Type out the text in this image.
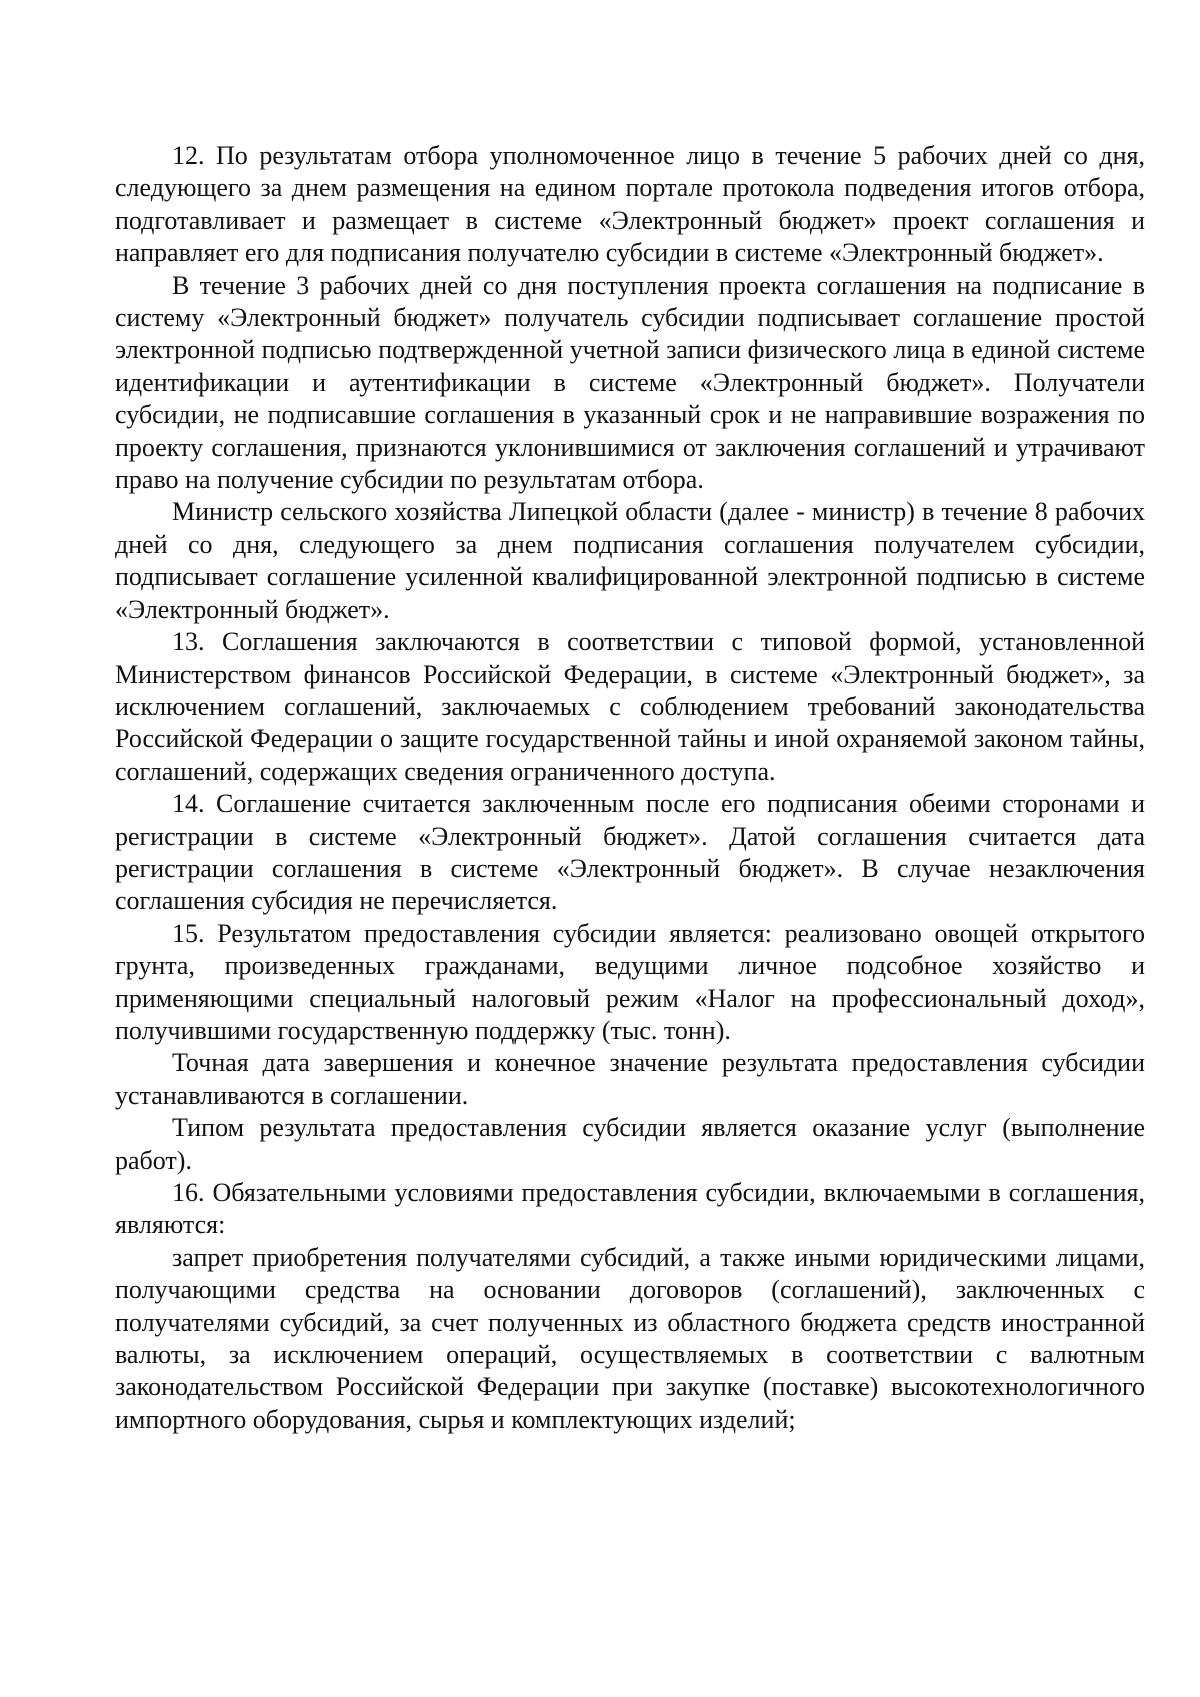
12. По результатам отбора уполномоченное лицо в течение 5 рабочих дней со дня, следующего за днем размещения на едином портале протокола подведения итогов отбора, подготавливает и размещает в системе «Электронный бюджет» проект соглашения и направляет его для подписания получателю субсидии в системе «Электронный бюджет».

В течение 3 рабочих дней со дня поступления проекта соглашения на подписание в систему «Электронный бюджет» получатель субсидии подписывает соглашение простой электронной подписью подтвержденной учетной записи физического лица в единой системе идентификации и аутентификации в системе «Электронный бюджет». Получатели субсидии, не подписавшие соглашения в указанный срок и не направившие возражения по проекту соглашения, признаются уклонившимися от заключения соглашений и утрачивают право на получение субсидии по результатам отбора.

Министр сельского хозяйства Липецкой области (далее - министр) в течение 8 рабочих дней со дня, следующего за днем подписания соглашения получателем субсидии, подписывает соглашение усиленной квалифицированной электронной подписью в системе «Электронный бюджет».

13. Соглашения заключаются в соответствии с типовой формой, установленной Министерством финансов Российской Федерации, в системе «Электронный бюджет», за исключением соглашений, заключаемых с соблюдением требований законодательства Российской Федерации о защите государственной тайны и иной охраняемой законом тайны, соглашений, содержащих сведения ограниченного доступа.

14. Соглашение считается заключенным после его подписания обеими сторонами и регистрации в системе «Электронный бюджет». Датой соглашения считается дата регистрации соглашения в системе «Электронный бюджет». В случае незаключения соглашения субсидия не перечисляется.

15. Результатом предоставления субсидии является: реализовано овощей открытого грунта, произведенных гражданами, ведущими личное подсобное хозяйство и применяющими специальный налоговый режим «Налог на профессиональный доход», получившими государственную поддержку (тыс. тонн).

Точная дата завершения и конечное значение результата предоставления субсидии устанавливаются в соглашении.

Типом результата предоставления субсидии является оказание услуг (выполнение работ).

16. Обязательными условиями предоставления субсидии, включаемыми в соглашения, являются:

запрет приобретения получателями субсидий, а также иными юридическими лицами, получающими средства на основании договоров (соглашений), заключенных с получателями субсидий, за счет полученных из областного бюджета средств иностранной валюты, за исключением операций, осуществляемых в соответствии с валютным законодательством Российской Федерации при закупке (поставке) высокотехнологичного импортного оборудования, сырья и комплектующих изделий;
